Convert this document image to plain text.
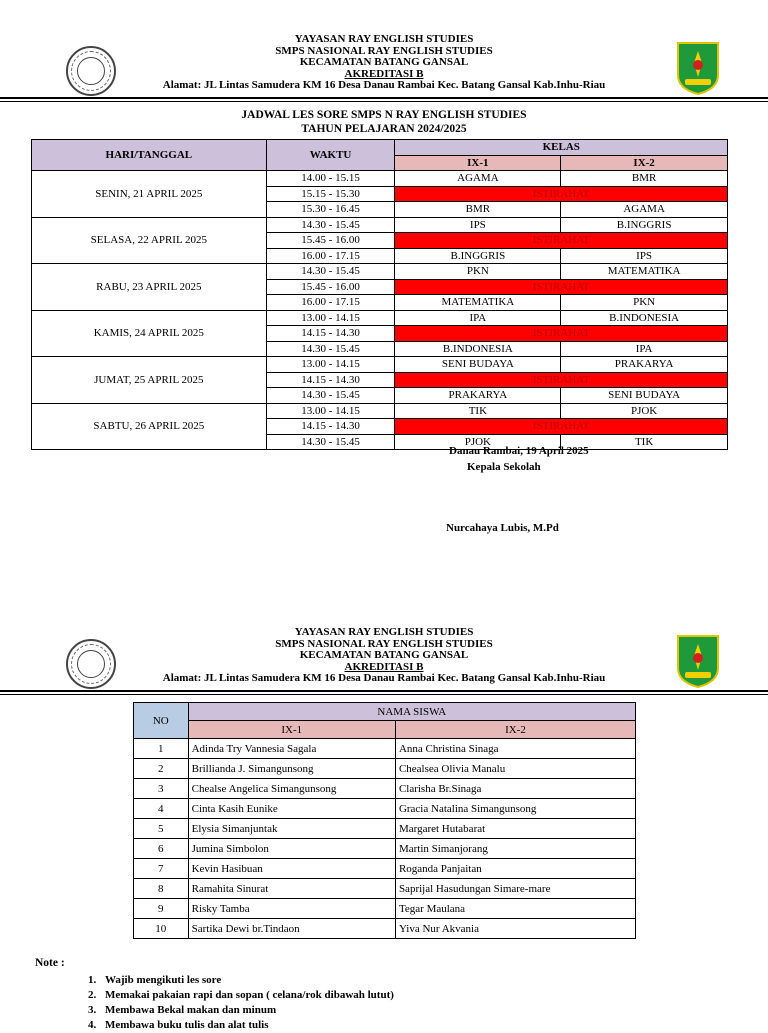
YAYASAN RAY ENGLISH STUDIES
SMPS NASIONAL RAY ENGLISH STUDIES
KECAMATAN BATANG GANSAL
AKREDITASI B
Alamat: JL Lintas Samudera KM 16 Desa Danau Rambai Kec. Batang Gansal Kab.Inhu-Riau
JADWAL LES SORE SMPS N RAY ENGLISH STUDIES
TAHUN PELAJARAN 2024/2025
HARI/TANGGAL	WAKTU	KELAS	
		IX-1	IX-2
SENIN, 21 APRIL 2025	14.00 - 15.15	AGAMA	BMR
	15.15 - 15.30	ISTIRAHAT	
	15.30 - 16.45	BMR	AGAMA
SELASA, 22 APRIL 2025	14.30 - 15.45	IPS	B.INGGRIS
	15.45 - 16.00	ISTIRAHAT	
	16.00 - 17.15	B.INGGRIS	IPS
RABU, 23 APRIL 2025	14.30 - 15.45	PKN	MATEMATIKA
	15.45 - 16.00	ISTIRAHAT	
	16.00 - 17.15	MATEMATIKA	PKN
KAMIS, 24 APRIL 2025	13.00 - 14.15	IPA	B.INDONESIA
	14.15 - 14.30	ISTIRAHAT	
	14.30 - 15.45	B.INDONESIA	IPA
JUMAT, 25 APRIL 2025	13.00 - 14.15	SENI BUDAYA	PRAKARYA
	14.15 - 14.30	ISTIRAHAT	
	14.30 - 15.45	PRAKARYA	SENI BUDAYA
SABTU, 26 APRIL 2025	13.00 - 14.15	TIK	PJOK
	14.15 - 14.30	ISTIRAHAT	
	14.30 - 15.45	PJOK	TIK
Danau Rambai, 19 April 2025
Kepala Sekolah
Nurcahaya Lubis, M.Pd
YAYASAN RAY ENGLISH STUDIES
SMPS NASIONAL RAY ENGLISH STUDIES
KECAMATAN BATANG GANSAL
AKREDITASI B
Alamat: JL Lintas Samudera KM 16 Desa Danau Rambai Kec. Batang Gansal Kab.Inhu-Riau
NO	NAMA SISWA	
	IX-1	IX-2
1	Adinda Try Vannesia Sagala	Anna Christina Sinaga
2	Brillianda J. Simangunsong	Chealsea Olivia Manalu
3	Chealse Angelica Simangunsong	Clarisha Br.Sinaga
4	Cinta Kasih Eunike	Gracia Natalina Simangunsong
5	Elysia Simanjuntak	Margaret Hutabarat
6	Jumina Simbolon	Martin Simanjorang
7	Kevin Hasibuan	Roganda Panjaitan
8	Ramahita Sinurat	Saprijal Hasudungan Simare-mare
9	Risky Tamba	Tegar Maulana
10	Sartika Dewi br.Tindaon	Yiva Nur Akvania
Note :
1. Wajib mengikuti les sore
2. Memakai pakaian rapi dan sopan ( celana/rok dibawah lutut)
3. Membawa Bekal makan dan minum
4. Membawa buku tulis dan alat tulis
